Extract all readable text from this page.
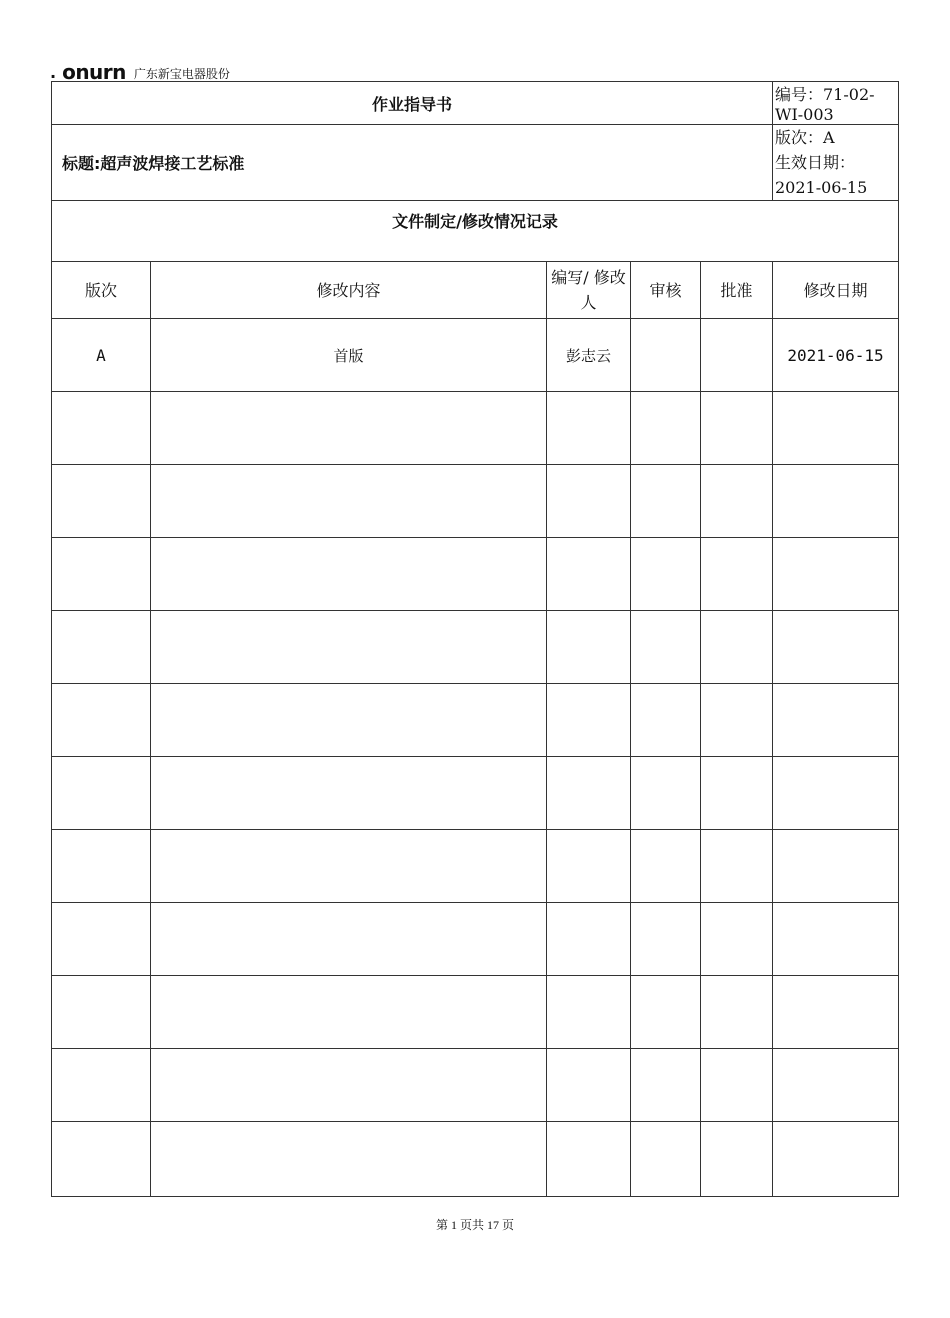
. onurn 广东新宝电器股份
作业指导书					编号：71-02-WI-003
标题:超声波焊接工艺标准					版次：A
生效日期：2021-06-15

文件制定/修改情况记录					
版次	修改内容	编写/ 修改人	审核	批准	修改日期
A	首版	彭志云			2021-06-15

第 1 页共 17 页
